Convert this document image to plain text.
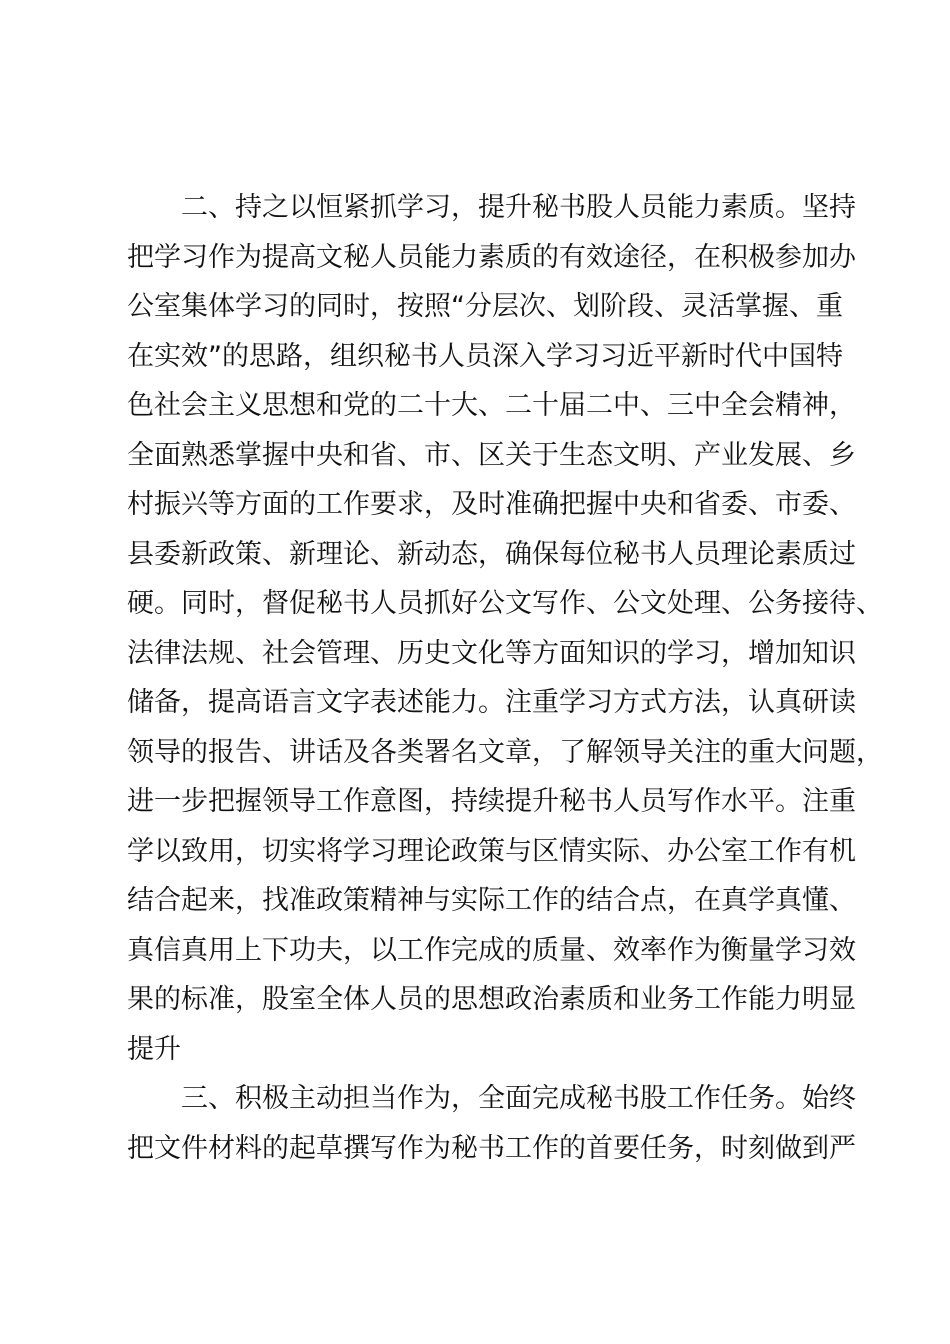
二、持之以恒紧抓学习，提升秘书股人员能力素质。坚持
把学习作为提高文秘人员能力素质的有效途径，在积极参加办
公室集体学习的同时，按照“分层次、划阶段、灵活掌握、重
在实效”的思路，组织秘书人员深入学习习近平新时代中国特
色社会主义思想和党的二十大、二十届二中、三中全会精神，
全面熟悉掌握中央和省、市、区关于生态文明、产业发展、乡
村振兴等方面的工作要求，及时准确把握中央和省委、市委、
县委新政策、新理论、新动态，确保每位秘书人员理论素质过
硬。同时，督促秘书人员抓好公文写作、公文处理、公务接待、
法律法规、社会管理、历史文化等方面知识的学习，增加知识
储备，提高语言文字表述能力。注重学习方式方法，认真研读
领导的报告、讲话及各类署名文章，了解领导关注的重大问题，
进一步把握领导工作意图，持续提升秘书人员写作水平。注重
学以致用，切实将学习理论政策与区情实际、办公室工作有机
结合起来，找准政策精神与实际工作的结合点，在真学真懂、
真信真用上下功夫，以工作完成的质量、效率作为衡量学习效
果的标准，股室全体人员的思想政治素质和业务工作能力明显
提升
三、积极主动担当作为，全面完成秘书股工作任务。始终
把文件材料的起草撰写作为秘书工作的首要任务，时刻做到严
